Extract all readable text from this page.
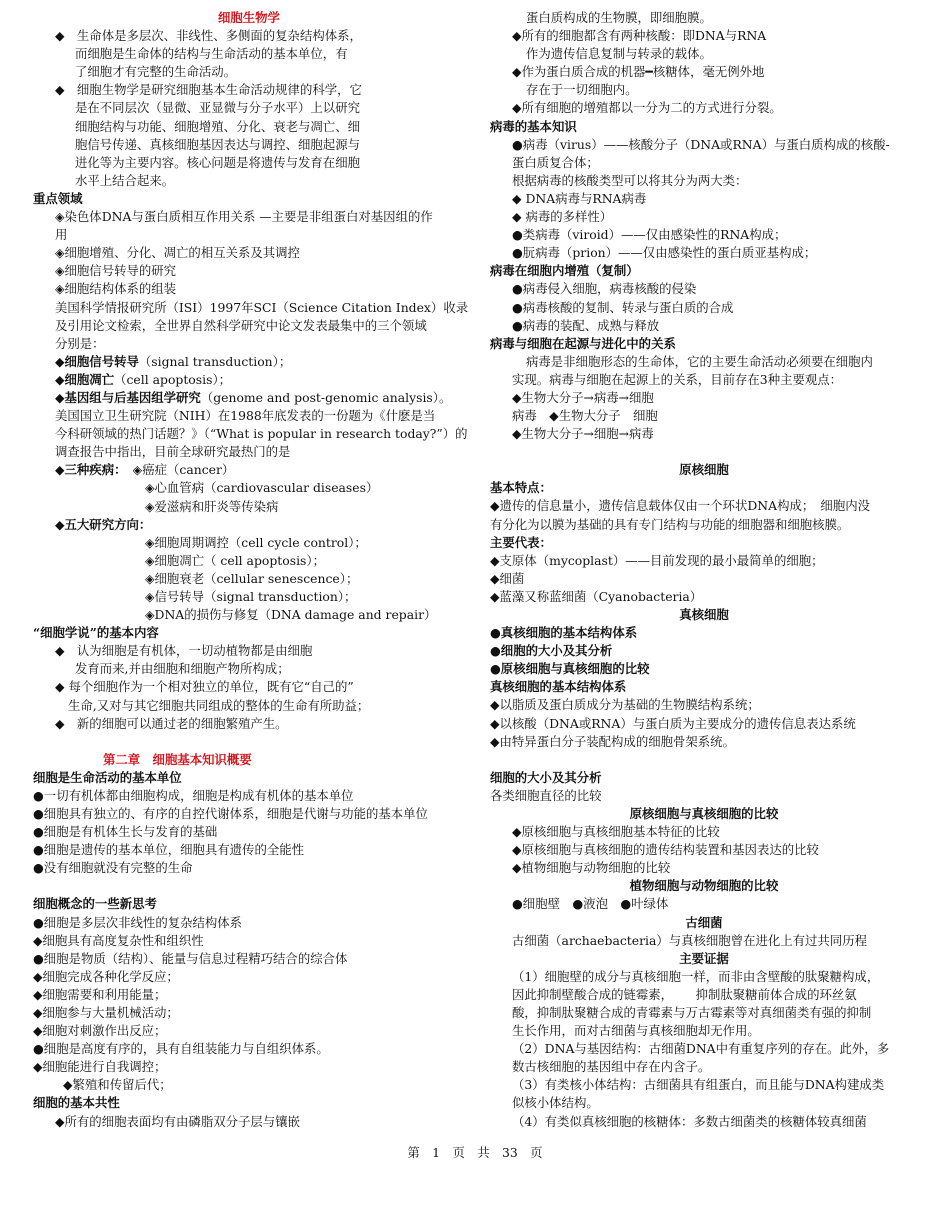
细胞生物学
◆　生命体是多层次、非线性、多侧面的复杂结构体系，
而细胞是生命体的结构与生命活动的基本单位，有
了细胞才有完整的生命活动。
◆　细胞生物学是研究细胞基本生命活动规律的科学，它
是在不同层次（显微、亚显微与分子水平）上以研究
细胞结构与功能、细胞增殖、分化、衰老与凋亡、细
胞信号传递、真核细胞基因表达与调控、细胞起源与
进化等为主要内容。核心问题是将遗传与发育在细胞
水平上结合起来。
重点领域
◈染色体DNA与蛋白质相互作用关系 —主要是非组蛋白对基因组的作
用
◈细胞增殖、分化、凋亡的相互关系及其调控
◈细胞信号转导的研究
◈细胞结构体系的组装
美国科学情报研究所（ISI）1997年SCI（Science Citation Index）收录
及引用论文检索，全世界自然科学研究中论文发表最集中的三个领域
分别是：
◆细胞信号转导（signal transduction）；
◆细胞凋亡（cell apoptosis）；
◆基因组与后基因组学研究（genome and post-genomic analysis）。
美国国立卫生研究院（NIH）在1988年底发表的一份题为《什麽是当
今科研领域的热门话题？》（“What is popular in research today?”）的
调查报告中指出，目前全球研究最热门的是
◆三种疾病：　◈癌症（cancer）
◈心血管病（cardiovascular diseases）
◈爱滋病和肝炎等传染病
◆五大研究方向：
◈细胞周期调控（cell cycle control）；
◈细胞凋亡（ cell apoptosis）；
◈细胞衰老（cellular senescence）；
◈信号转导（signal transduction）；
◈DNA的损伤与修复（DNA damage and repair）
“细胞学说”的基本内容
◆　认为细胞是有机体，一切动植物都是由细胞
发育而来,并由细胞和细胞产物所构成；
◆ 每个细胞作为一个相对独立的单位，既有它“自己的”
生命,又对与其它细胞共同组成的整体的生命有所助益；
◆　新的细胞可以通过老的细胞繁殖产生。
第二章　细胞基本知识概要
细胞是生命活动的基本单位
●一切有机体都由细胞构成，细胞是构成有机体的基本单位
●细胞具有独立的、有序的自控代谢体系，细胞是代谢与功能的基本单位
●细胞是有机体生长与发育的基础
●细胞是遗传的基本单位，细胞具有遗传的全能性
●没有细胞就没有完整的生命
细胞概念的一些新思考
●细胞是多层次非线性的复杂结构体系
◆细胞具有高度复杂性和组织性
●细胞是物质（结构）、能量与信息过程精巧结合的综合体
◆细胞完成各种化学反应；
◆细胞需要和利用能量；
◆细胞参与大量机械活动；
◆细胞对刺激作出反应；
●细胞是高度有序的，具有自组装能力与自组织体系。
◆细胞能进行自我调控；
◆繁殖和传留后代；
细胞的基本共性
◆所有的细胞表面均有由磷脂双分子层与镶嵌
蛋白质构成的生物膜，即细胞膜。
◆所有的细胞都含有两种核酸：即DNA与RNA
作为遗传信息复制与转录的载体。
◆作为蛋白质合成的机器━核糖体，毫无例外地
存在于一切细胞内。
◆所有细胞的增殖都以一分为二的方式进行分裂。
病毒的基本知识
●病毒（virus）——核酸分子（DNA或RNA）与蛋白质构成的核酸-
蛋白质复合体；
根据病毒的核酸类型可以将其分为两大类：
◆ DNA病毒与RNA病毒
◆ 病毒的多样性）
●类病毒（viroid）——仅由感染性的RNA构成；
●朊病毒（prion）——仅由感染性的蛋白质亚基构成；
病毒在细胞内增殖（复制）
●病毒侵入细胞，病毒核酸的侵染
●病毒核酸的复制、转录与蛋白质的合成
●病毒的装配、成熟与释放
病毒与细胞在起源与进化中的关系
病毒是非细胞形态的生命体，它的主要生命活动必须要在细胞内
实现。病毒与细胞在起源上的关系，目前存在3种主要观点：
◆生物大分子→病毒→细胞
病毒　◆生物大分子　细胞
◆生物大分子→细胞→病毒
原核细胞
基本特点：
◆遗传的信息量小，遗传信息载体仅由一个环状DNA构成；　细胞内没
有分化为以膜为基础的具有专门结构与功能的细胞器和细胞核膜。
主要代表：
◆支原体（mycoplast）——目前发现的最小最简单的细胞；
◆细菌
◆蓝藻又称蓝细菌（Cyanobacteria）
真核细胞
●真核细胞的基本结构体系
●细胞的大小及其分析
●原核细胞与真核细胞的比较
真核细胞的基本结构体系
◆以脂质及蛋白质成分为基础的生物膜结构系统；
◆以核酸（DNA或RNA）与蛋白质为主要成分的遗传信息表达系统
◆由特异蛋白分子装配构成的细胞骨架系统。
细胞的大小及其分析
各类细胞直径的比较
原核细胞与真核细胞的比较
◆原核细胞与真核细胞基本特征的比较
◆原核细胞与真核细胞的遗传结构装置和基因表达的比较
◆植物细胞与动物细胞的比较
植物细胞与动物细胞的比较
●细胞壁　●液泡　●叶绿体
古细菌
古细菌（archaebacteria）与真核细胞曾在进化上有过共同历程
主要证据
（1）细胞壁的成分与真核细胞一样，而非由含壁酸的肽聚糖构成，
因此抑制壁酸合成的链霉素，　　 抑制肽聚糖前体合成的环丝氨
酸，抑制肽聚糖合成的青霉素与万古霉素等对真细菌类有强的抑制
生长作用，而对古细菌与真核细胞却无作用。
（2）DNA与基因结构：古细菌DNA中有重复序列的存在。此外，多
数古核细胞的基因组中存在内含子。
（3）有类核小体结构：古细菌具有组蛋白，而且能与DNA构建成类
似核小体结构。
（4）有类似真核细胞的核糖体：多数古细菌类的核糖体较真细菌
第　1　页　共　33　页
